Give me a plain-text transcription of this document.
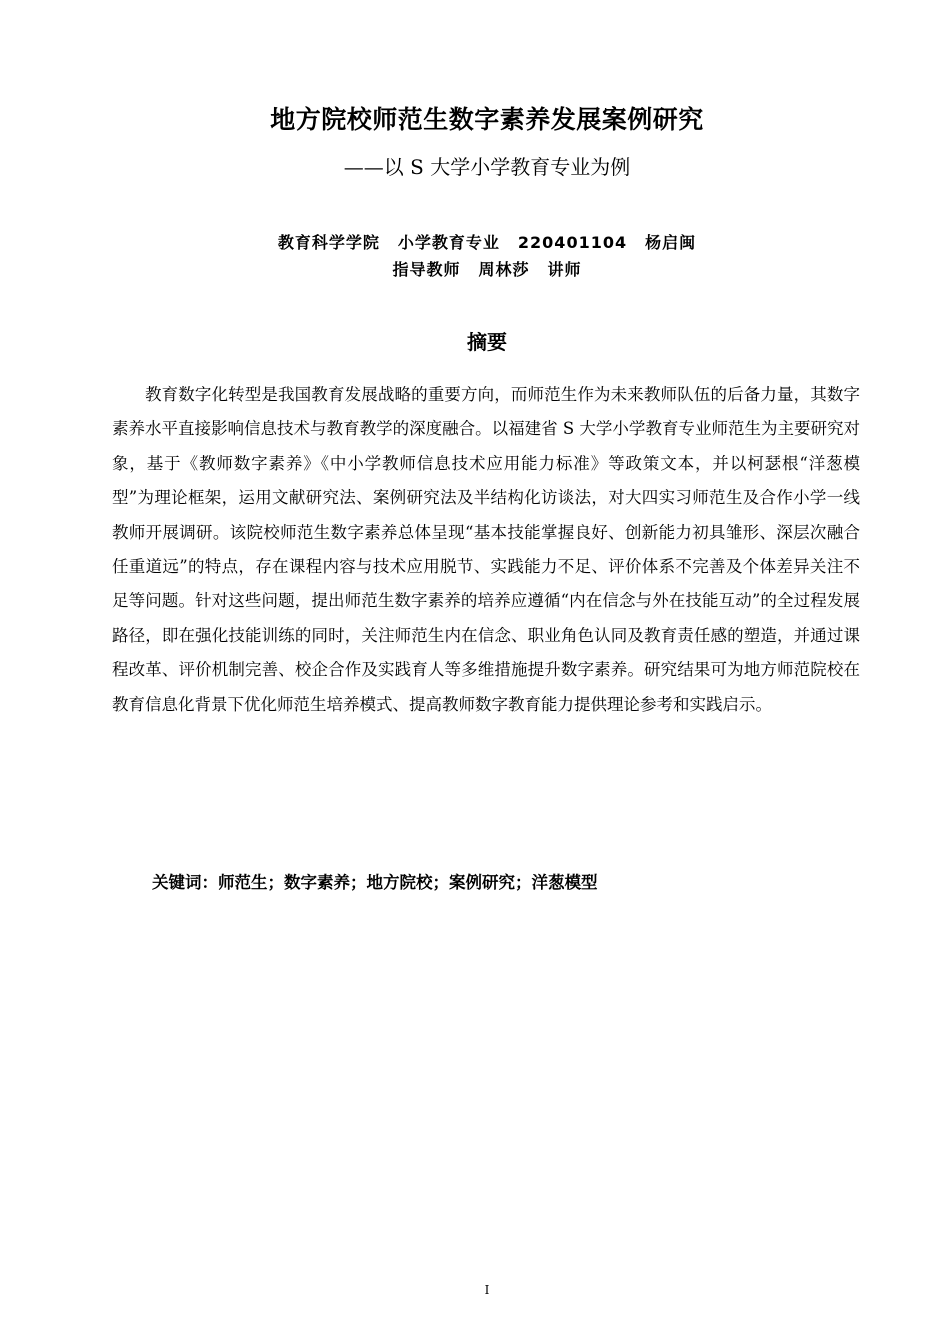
地方院校师范生数字素养发展案例研究
——以 S 大学小学教育专业为例
教育科学学院 小学教育专业 220401104 杨启闽
指导教师 周林莎 讲师
摘要

教育数字化转型是我国教育发展战略的重要方向，而师范生作为未来教师队伍的后备力量，其数字素养水平直接影响信息技术与教育教学的深度融合。以福建省 S 大学小学教育专业师范生为主要研究对象，基于《教师数字素养》《中小学教师信息技术应用能力标准》等政策文本，并以柯瑟根“洋葱模型”为理论框架，运用文献研究法、案例研究法及半结构化访谈法，对大四实习师范生及合作小学一线教师开展调研。该院校师范生数字素养总体呈现“基本技能掌握良好、创新能力初具雏形、深层次融合任重道远”的特点，存在课程内容与技术应用脱节、实践能力不足、评价体系不完善及个体差异关注不足等问题。针对这些问题，提出师范生数字素养的培养应遵循“内在信念与外在技能互动”的全过程发展路径，即在强化技能训练的同时，关注师范生内在信念、职业角色认同及教育责任感的塑造，并通过课程改革、评价机制完善、校企合作及实践育人等多维措施提升数字素养。研究结果可为地方师范院校在教育信息化背景下优化师范生培养模式、提高教师数字教育能力提供理论参考和实践启示。

关键词：师范生；数字素养；地方院校；案例研究；洋葱模型
I
